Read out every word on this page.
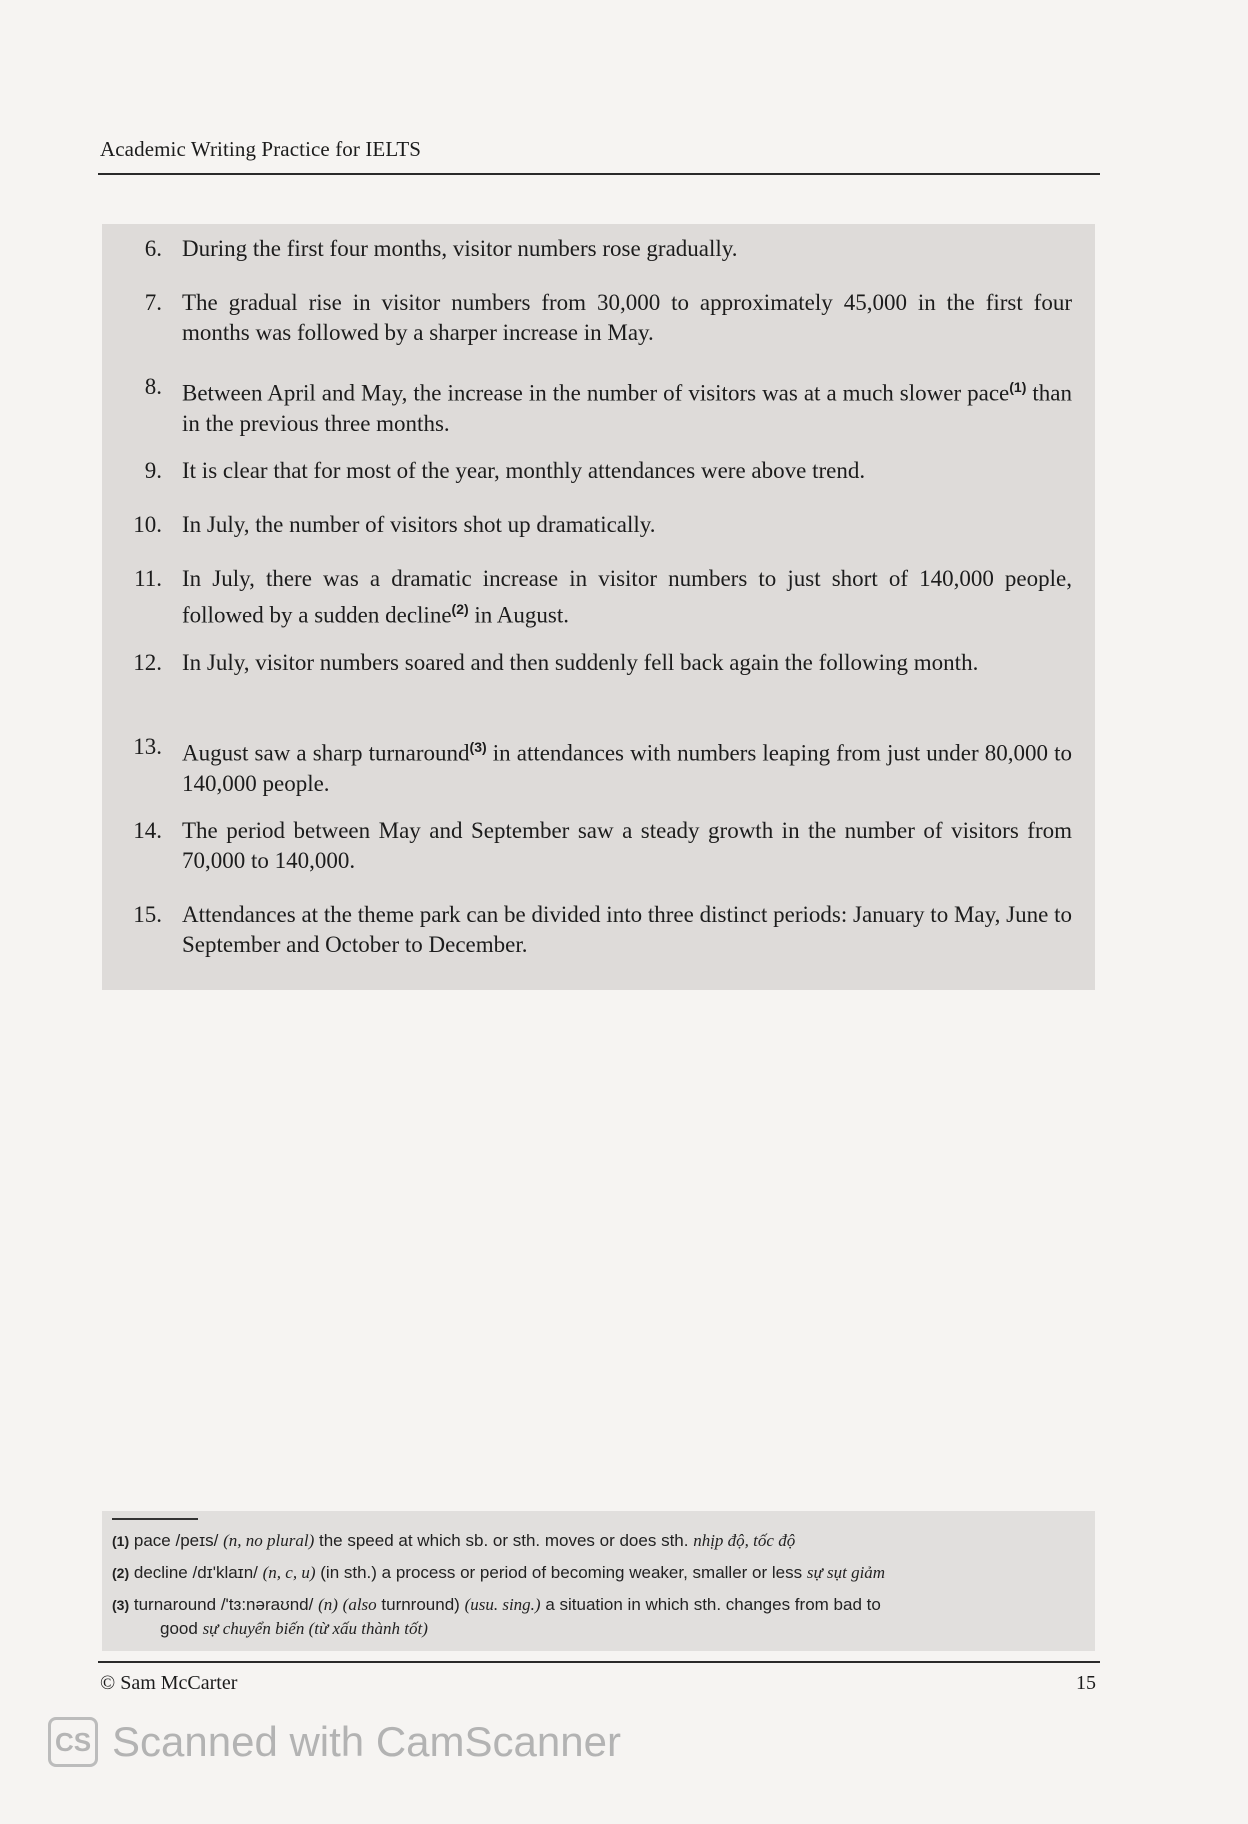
Academic Writing Practice for IELTS
6. During the first four months, visitor numbers rose gradually.
7. The gradual rise in visitor numbers from 30,000 to approximately 45,000 in the first four months was followed by a sharper increase in May.
8. Between April and May, the increase in the number of visitors was at a much slower pace$^{(1)}$ than in the previous three months.
9. It is clear that for most of the year, monthly attendances were above trend.
10. In July, the number of visitors shot up dramatically.
11. In July, there was a dramatic increase in visitor numbers to just short of 140,000 people, followed by a sudden decline$^{(2)}$ in August.
12. In July, visitor numbers soared and then suddenly fell back again the following month.
13. August saw a sharp turnaround$^{(3)}$ in attendances with numbers leaping from just under 80,000 to 140,000 people.
14. The period between May and September saw a steady growth in the number of visitors from 70,000 to 140,000.
15. Attendances at the theme park can be divided into three distinct periods: January to May, June to September and October to December.
(1) pace /peɪs/ (n, no plural) the speed at which sb. or sth. moves or does sth. nhịp độ, tốc độ
(2) decline /dɪ'klaɪn/ (n, c, u) (in sth.) a process or period of becoming weaker, smaller or less sự sụt giảm
(3) turnaround /'tɜ:nəraʊnd/ (n) (also turnround) (usu. sing.) a situation in which sth. changes from bad to
good sự chuyển biến (từ xấu thành tốt)
© Sam McCarter	15
CS Scanned with CamScanner
